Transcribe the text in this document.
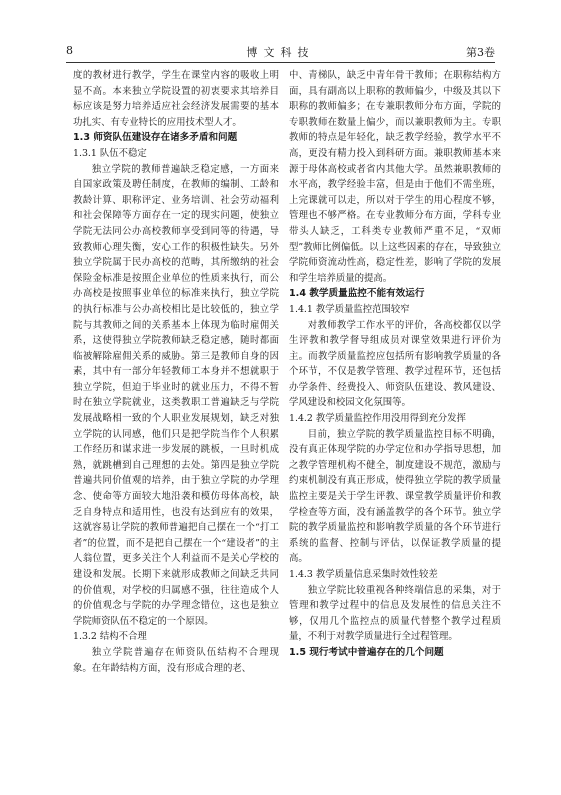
8	博文科技	第3卷

度的教材进行教学，学生在课堂内容的吸收上明显不高。本来独立学院设置的初衷要求其培养目标应该是努力培养适应社会经济发展需要的基本功扎实、有专业特长的应用技术型人才。

1.3 师资队伍建设存在诸多矛盾和问题

1.3.1 队伍不稳定

独立学院的教师普遍缺乏稳定感，一方面来自国家政策及聘任制度，在教师的编制、工龄和教龄计算、职称评定、业务培训、社会劳动福利和社会保障等方面存在一定的现实问题，使独立学院无法同公办高校教师享受到同等的待遇，导致教师心理失衡，安心工作的积极性缺失。另外独立学院属于民办高校的范畴，其所缴纳的社会保险金标准是按照企业单位的性质来执行，而公办高校是按照事业单位的标准来执行，独立学院的执行标准与公办高校相比是比较低的，独立学院与其教师之间的关系基本上体现为临时雇佣关系，这使得独立学院教师缺乏稳定感，随时都面临被解除雇佣关系的威胁。第三是教师自身的因素，其中有一部分年轻教师工本身并不想就职于独立学院，但迫于毕业时的就业压力，不得不暂时在独立学院就业，这类教职工普遍缺乏与学院发展战略相一致的个人职业发展规划，缺乏对独立学院的认同感，他们只是把学院当作个人积累工作经历和谋求进一步发展的跳板，一旦时机成熟，就跳槽到自己理想的去处。第四是独立学院普遍共同价值观的培养，由于独立学院的办学理念、使命等方面较大地沿袭和模仿母体高校，缺乏自身特点和适用性，也没有达到应有的效果，这就容易让学院的教师普遍把自己摆在一个“打工者”的位置，而不是把自己摆在一个“建设者”的主人翁位置，更多关注个人利益而不是关心学校的建设和发展。长期下来就形成教师之间缺乏共同的价值观，对学校的归属感不强，往往造成个人的价值观念与学院的办学理念错位，这也是独立学院师资队伍不稳定的一个原因。

1.3.2 结构不合理

独立学院普遍存在师资队伍结构不合理现象。在年龄结构方面，没有形成合理的老、

中、青梯队，缺乏中青年骨干教师；在职称结构方面，具有副高以上职称的教师偏少，中级及其以下职称的教师偏多；在专兼职教师分布方面，学院的专职教师在数量上偏少，而以兼职教师为主。专职教师的特点是年轻化，缺乏教学经验，教学水平不高，更没有精力投入到科研方面。兼职教师基本来源于母体高校或者省内其他大学。虽然兼职教师的水平高，教学经验丰富，但是由于他们不需坐班，上完课就可以走，所以对于学生的用心程度不够，管理也不够严格。在专业教师分布方面，学科专业带头人缺乏，工科类专业教师严重不足，“双师型”教师比例偏低。以上这些因素的存在，导致独立学院师资流动性高，稳定性差，影响了学院的发展和学生培养质量的提高。

1.4 教学质量监控不能有效运行

1.4.1 教学质量监控范围较窄

对教师教学工作水平的评价，各高校都仅以学生评教和教学督导组成员对课堂效果进行评价为主。而教学质量监控应包括所有影响教学质量的各个环节，不仅是教学管理、教学过程环节，还包括办学条件、经费投入、师资队伍建设、教风建设、学风建设和校园文化氛围等。

1.4.2 教学质量监控作用没用得到充分发挥

目前，独立学院的教学质量监控目标不明确，没有真正体现学院的办学定位和办学指导思想，加之教学管理机构不健全，制度建设不规范，激励与约束机制没有真正形成，使得独立学院的教学质量监控主要是关于学生评教、课堂教学质量评价和教学检查等方面，没有涵盖教学的各个环节。独立学院的教学质量监控和影响教学质量的各个环节进行系统的监督、控制与评估，以保证教学质量的提高。

1.4.3 教学质量信息采集时效性较差

独立学院比较重视各种终端信息的采集，对于管理和教学过程中的信息及发展性的信息关注不够，仅用几个监控点的质量代替整个教学过程质量，不利于对教学质量进行全过程管理。

1.5 现行考试中普遍存在的几个问题
